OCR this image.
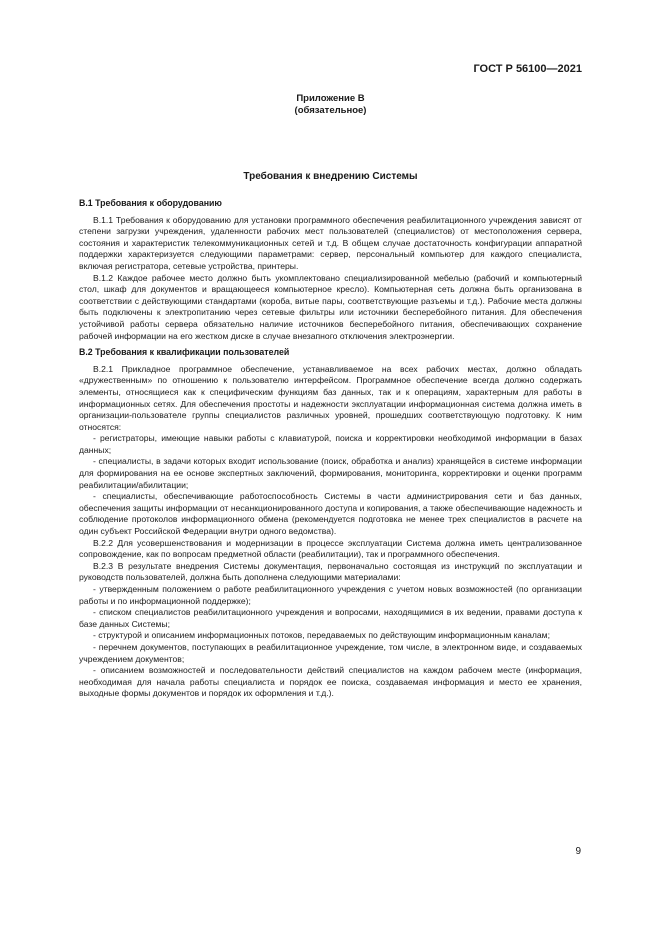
ГОСТ Р 56100—2021
Приложение В
(обязательное)
Требования к внедрению Системы
В.1 Требования к оборудованию

В.1.1 Требования к оборудованию для установки программного обеспечения реабилитационного учреждения зависят от степени загрузки учреждения, удаленности рабочих мест пользователей (специалистов) от местоположения сервера, состояния и характеристик телекоммуникационных сетей и т.д. В общем случае достаточность конфигурации аппаратной поддержки характеризуется следующими параметрами: сервер, персональный компьютер для каждого специалиста, включая регистратора, сетевые устройства, принтеры.

В.1.2 Каждое рабочее место должно быть укомплектовано специализированной мебелью (рабочий и компьютерный стол, шкаф для документов и вращающееся компьютерное кресло). Компьютерная сеть должна быть организована в соответствии с действующими стандартами (короба, витые пары, соответствующие разъемы и т.д.). Рабочие места должны быть подключены к электропитанию через сетевые фильтры или источники бесперебойного питания. Для обеспечения устойчивой работы сервера обязательно наличие источников бесперебойного питания, обеспечивающих сохранение рабочей информации на его жестком диске в случае внезапного отключения электроэнергии.

В.2 Требования к квалификации пользователей

В.2.1 Прикладное программное обеспечение, устанавливаемое на всех рабочих местах, должно обладать «дружественным» по отношению к пользователю интерфейсом. Программное обеспечение всегда должно содержать элементы, относящиеся как к специфическим функциям баз данных, так и к операциям, характерным для работы в информационных сетях. Для обеспечения простоты и надежности эксплуатации информационная система должна иметь в организации-пользователе группы специалистов различных уровней, прошедших соответствующую подготовку. К ним относятся:

- регистраторы, имеющие навыки работы с клавиатурой, поиска и корректировки необходимой информации в базах данных;

- специалисты, в задачи которых входит использование (поиск, обработка и анализ) хранящейся в системе информации для формирования на ее основе экспертных заключений, формирования, мониторинга, корректировки и оценки программ реабилитации/абилитации;

- специалисты, обеспечивающие работоспособность Системы в части администрирования сети и баз данных, обеспечения защиты информации от несанкционированного доступа и копирования, а также обеспечивающие надежность и соблюдение протоколов информационного обмена (рекомендуется подготовка не менее трех специалистов в расчете на один субъект Российской Федерации внутри одного ведомства).

В.2.2 Для усовершенствования и модернизации в процессе эксплуатации Система должна иметь централизованное сопровождение, как по вопросам предметной области (реабилитации), так и программного обеспечения.

В.2.3 В результате внедрения Системы документация, первоначально состоящая из инструкций по эксплуатации и руководств пользователей, должна быть дополнена следующими материалами:

- утвержденным положением о работе реабилитационного учреждения с учетом новых возможностей (по организации работы и по информационной поддержке);

- списком специалистов реабилитационного учреждения и вопросами, находящимися в их ведении, правами доступа к базе данных Системы;

- структурой и описанием информационных потоков, передаваемых по действующим информационным каналам;

- перечнем документов, поступающих в реабилитационное учреждение, том числе, в электронном виде, и создаваемых учреждением документов;

- описанием возможностей и последовательности действий специалистов на каждом рабочем месте (информация, необходимая для начала работы специалиста и порядок ее поиска, создаваемая информация и место ее хранения, выходные формы документов и порядок их оформления и т.д.).

9
